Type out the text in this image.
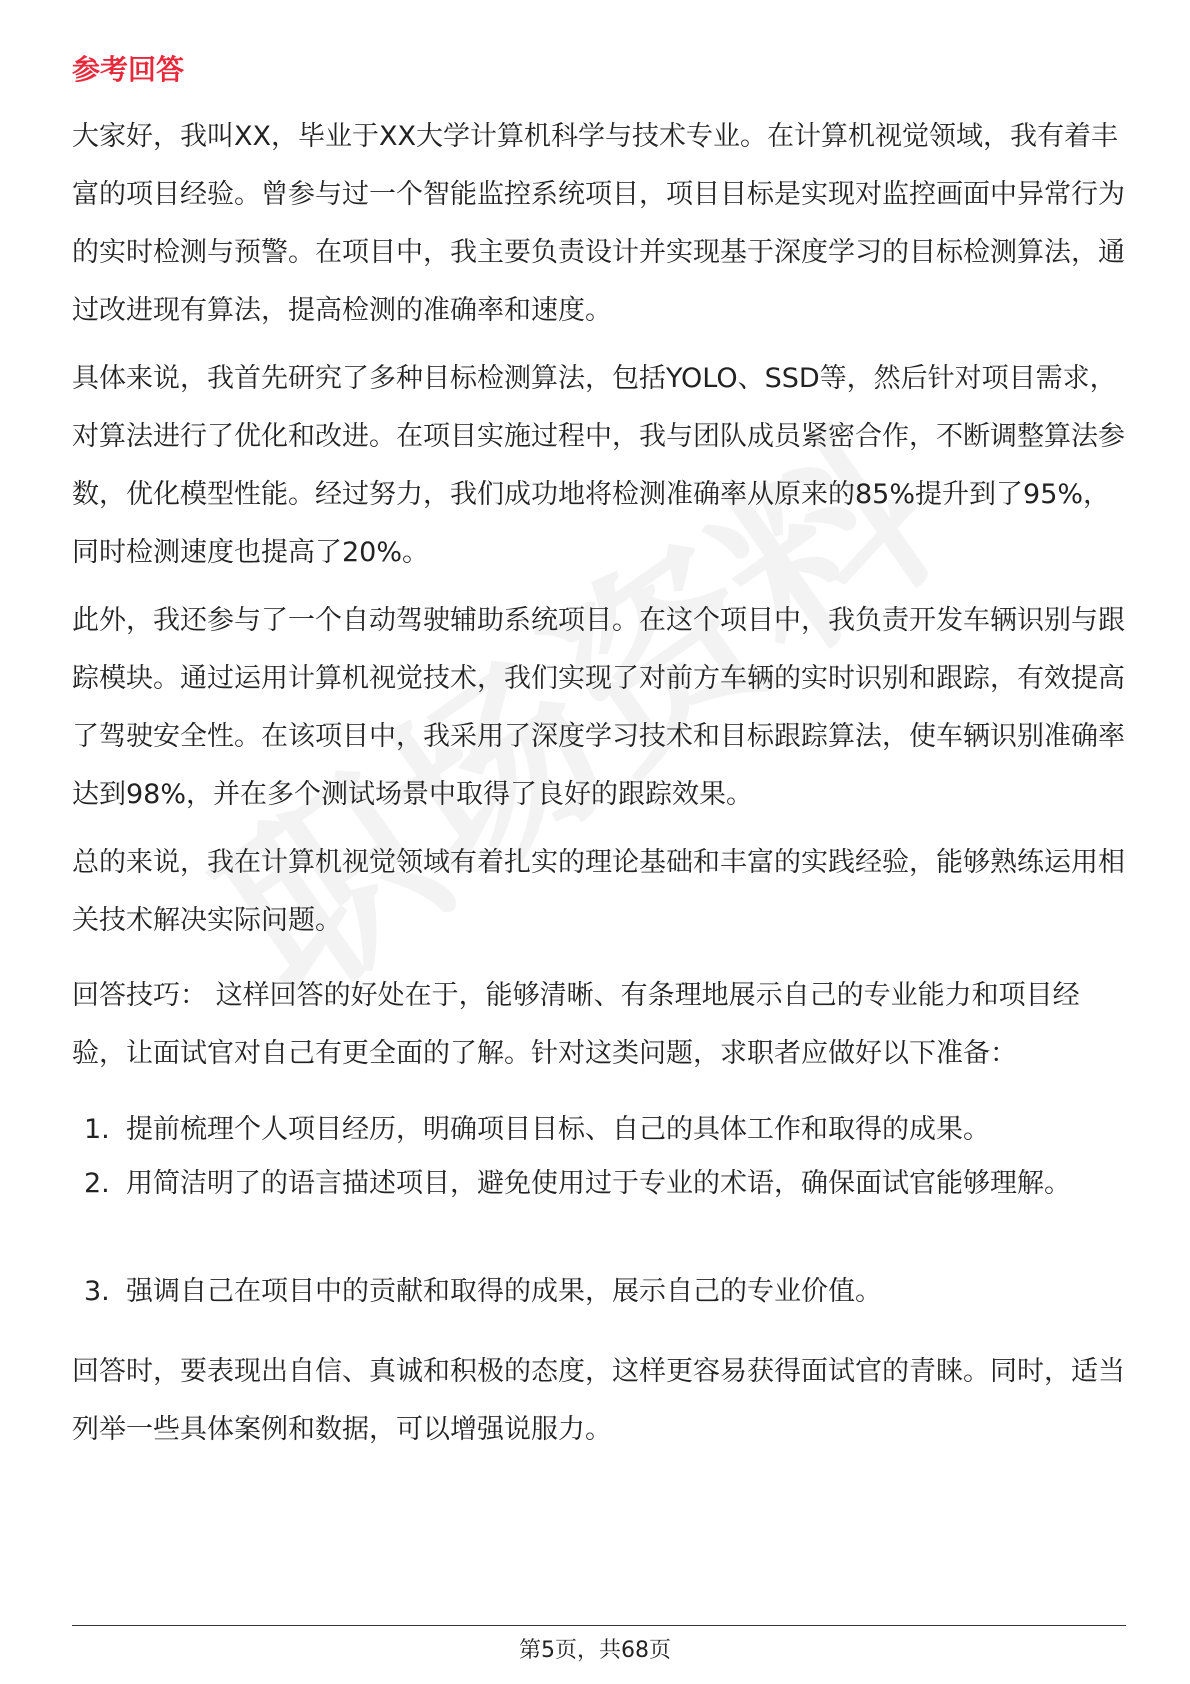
参考回答

大家好，我叫XX，毕业于XX大学计算机科学与技术专业。在计算机视觉领域，我有着丰富的项目经验。曾参与过一个智能监控系统项目，项目目标是实现对监控画面中异常行为的实时检测与预警。在项目中，我主要负责设计并实现基于深度学习的目标检测算法，通过改进现有算法，提高检测的准确率和速度。

具体来说，我首先研究了多种目标检测算法，包括YOLO、SSD等，然后针对项目需求，对算法进行了优化和改进。在项目实施过程中，我与团队成员紧密合作，不断调整算法参数，优化模型性能。经过努力，我们成功地将检测准确率从原来的85%提升到了95%，同时检测速度也提高了20%。

此外，我还参与了一个自动驾驶辅助系统项目。在这个项目中，我负责开发车辆识别与跟踪模块。通过运用计算机视觉技术，我们实现了对前方车辆的实时识别和跟踪，有效提高了驾驶安全性。在该项目中，我采用了深度学习技术和目标跟踪算法，使车辆识别准确率达到98%，并在多个测试场景中取得了良好的跟踪效果。

总的来说，我在计算机视觉领域有着扎实的理论基础和丰富的实践经验，能够熟练运用相关技术解决实际问题。

回答技巧： 这样回答的好处在于，能够清晰、有条理地展示自己的专业能力和项目经验，让面试官对自己有更全面的了解。针对这类问题，求职者应做好以下准备：

1. 提前梳理个人项目经历，明确项目目标、自己的具体工作和取得的成果。
2. 用简洁明了的语言描述项目，避免使用过于专业的术语，确保面试官能够理解。
3. 强调自己在项目中的贡献和取得的成果，展示自己的专业价值。

回答时，要表现出自信、真诚和积极的态度，这样更容易获得面试官的青睐。同时，适当列举一些具体案例和数据，可以增强说服力。

第5页，共68页
